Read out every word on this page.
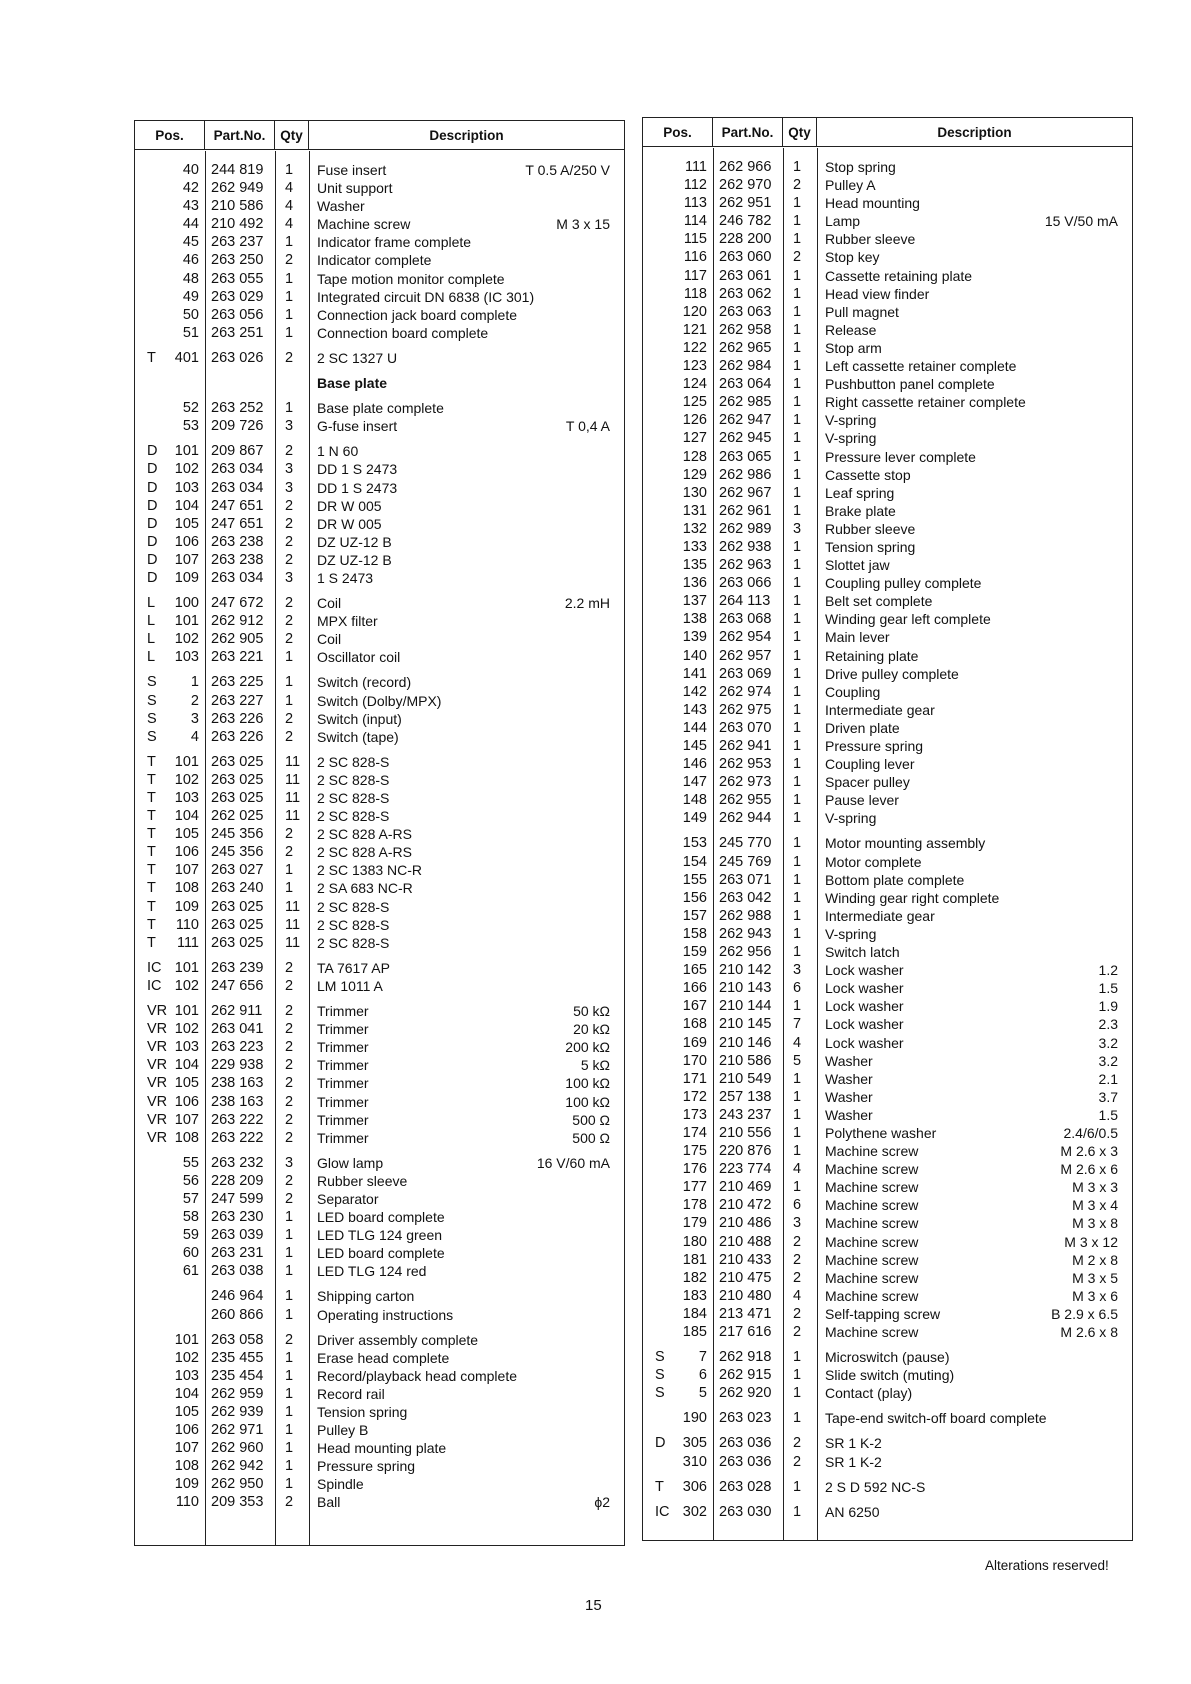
Pos.	Part.No.	Qty	Description
40 244 819	1	Fuse insert	T 0.5 A/250 V
42 262 949	4	Unit support
43 210 586	4	Washer
44 210 492	4	Machine screw	M 3 x 15
45 263 237	1	Indicator frame complete
46 263 250	2	Indicator complete
48 263 055	1	Tape motion monitor complete
49 263 029	1	Integrated circuit DN 6838 (IC 301)
50 263 056	1	Connection jack board complete
51 263 251	1	Connection board complete
T	401 263 026	2	2 SC 1327 U
Base plate
52 263 252	1	Base plate complete
53 209 726	3	G-fuse insert	T 0,4 A
D	101 209 867	2	1 N 60
D	102 263 034	3	DD 1 S 2473
D	103 263 034	3	DD 1 S 2473
D	104 247 651	2	DR W 005
D	105 247 651	2	DR W 005
D	106 263 238	2	DZ UZ-12 B
D	107 263 238	2	DZ UZ-12 B
D	109 263 034	3	1 S 2473
L	100 247 672	2	Coil	2.2 mH
L	101 262 912	2	MPX filter
L	102 262 905	2	Coil
L	103 263 221	1	Oscillator coil
S	1 263 225	1	Switch (record)
S	2 263 227	1	Switch (Dolby/MPX)
S	3 263 226	2	Switch (input)
S	4 263 226	2	Switch (tape)
T	101 263 025	11	2 SC 828-S
T	102 263 025	11	2 SC 828-S
T	103 263 025	11	2 SC 828-S
T	104 262 025	11	2 SC 828-S
T	105 245 356	2	2 SC 828 A-RS
T	106 245 356	2	2 SC 828 A-RS
T	107 263 027	1	2 SC 1383 NC-R
T	108 263 240	1	2 SA 683 NC-R
T	109 263 025	11	2 SC 828-S
T	110 263 025	11	2 SC 828-S
T	111 263 025	11	2 SC 828-S
IC 101 263 239	2	TA 7617 AP
IC 102 247 656	2	LM 1011 A
VR 101 262 911	2	Trimmer	50 kΩ
VR 102 263 041	2	Trimmer	20 kΩ
VR 103 263 223	2	Trimmer	200 kΩ
VR 104 229 938	2	Trimmer	5 kΩ
VR 105 238 163	2	Trimmer	100 kΩ
VR 106 238 163	2	Trimmer	100 kΩ
VR 107 263 222	2	Trimmer	500 Ω
VR 108 263 222	2	Trimmer	500 Ω
55 263 232	3	Glow lamp	16 V/60 mA
56 228 209	2	Rubber sleeve
57 247 599	2	Separator
58 263 230	1	LED board complete
59 263 039	1	LED TLG 124 green
60 263 231	1	LED board complete
61 263 038	1	LED TLG 124 red
246 964	1	Shipping carton
260 866	1	Operating instructions
101 263 058	2	Driver assembly complete
102 235 455	1	Erase head complete
103 235 454	1	Record/playback head complete
104 262 959	1	Record rail
105 262 939	1	Tension spring
106 262 971	1	Pulley B
107 262 960	1	Head mounting plate
108 262 942	1	Pressure spring
109 262 950	1	Spindle
110 209 353	2	Ball	ϕ2
Pos.	Part.No.	Qty	Description
111 262 966	1	Stop spring
112 262 970	2	Pulley A
113 262 951	1	Head mounting
114 246 782	1	Lamp	15 V/50 mA
115 228 200	1	Rubber sleeve
116 263 060	2	Stop key
117 263 061	1	Cassette retaining plate
118 263 062	1	Head view finder
120 263 063	1	Pull magnet
121 262 958	1	Release
122 262 965	1	Stop arm
123 262 984	1	Left cassette retainer complete
124 263 064	1	Pushbutton panel complete
125 262 985	1	Right cassette retainer complete
126 262 947	1	V-spring
127 262 945	1	V-spring
128 263 065	1	Pressure lever complete
129 262 986	1	Cassette stop
130 262 967	1	Leaf spring
131 262 961	1	Brake plate
132 262 989	3	Rubber sleeve
133 262 938	1	Tension spring
135 262 963	1	Slottet jaw
136 263 066	1	Coupling pulley complete
137 264 113	1	Belt set complete
138 263 068	1	Winding gear left complete
139 262 954	1	Main lever
140 262 957	1	Retaining plate
141 263 069	1	Drive pulley complete
142 262 974	1	Coupling
143 262 975	1	Intermediate gear
144 263 070	1	Driven plate
145 262 941	1	Pressure spring
146 262 953	1	Coupling lever
147 262 973	1	Spacer pulley
148 262 955	1	Pause lever
149 262 944	1	V-spring
153 245 770	1	Motor mounting assembly
154 245 769	1	Motor complete
155 263 071	1	Bottom plate complete
156 263 042	1	Winding gear right complete
157 262 988	1	Intermediate gear
158 262 943	1	V-spring
159 262 956	1	Switch latch
165 210 142	3	Lock washer	1.2
166 210 143	6	Lock washer	1.5
167 210 144	1	Lock washer	1.9
168 210 145	7	Lock washer	2.3
169 210 146	4	Lock washer	3.2
170 210 586	5	Washer	3.2
171 210 549	1	Washer	2.1
172 257 138	1	Washer	3.7
173 243 237	1	Washer	1.5
174 210 556	1	Polythene washer	2.4/6/0.5
175 220 876	1	Machine screw	M 2.6 x 3
176 223 774	4	Machine screw	M 2.6 x 6
177 210 469	1	Machine screw	M 3 x 3
178 210 472	6	Machine screw	M 3 x 4
179 210 486	3	Machine screw	M 3 x 8
180 210 488	2	Machine screw	M 3 x 12
181 210 433	2	Machine screw	M 2 x 8
182 210 475	2	Machine screw	M 3 x 5
183 210 480	4	Machine screw	M 3 x 6
184 213 471	2	Self-tapping screw	B 2.9 x 6.5
185 217 616	2	Machine screw	M 2.6 x 8
S	7 262 918	1	Microswitch (pause)
S	6 262 915	1	Slide switch (muting)
S	5 262 920	1	Contact (play)
190 263 023	1	Tape-end switch-off board complete
D	305 263 036	2	SR 1 K-2
310 263 036	2	SR 1 K-2
T	306 263 028	1	2 S D 592 NC-S
IC 302 263 030	1	AN 6250
Alterations reserved!
15
